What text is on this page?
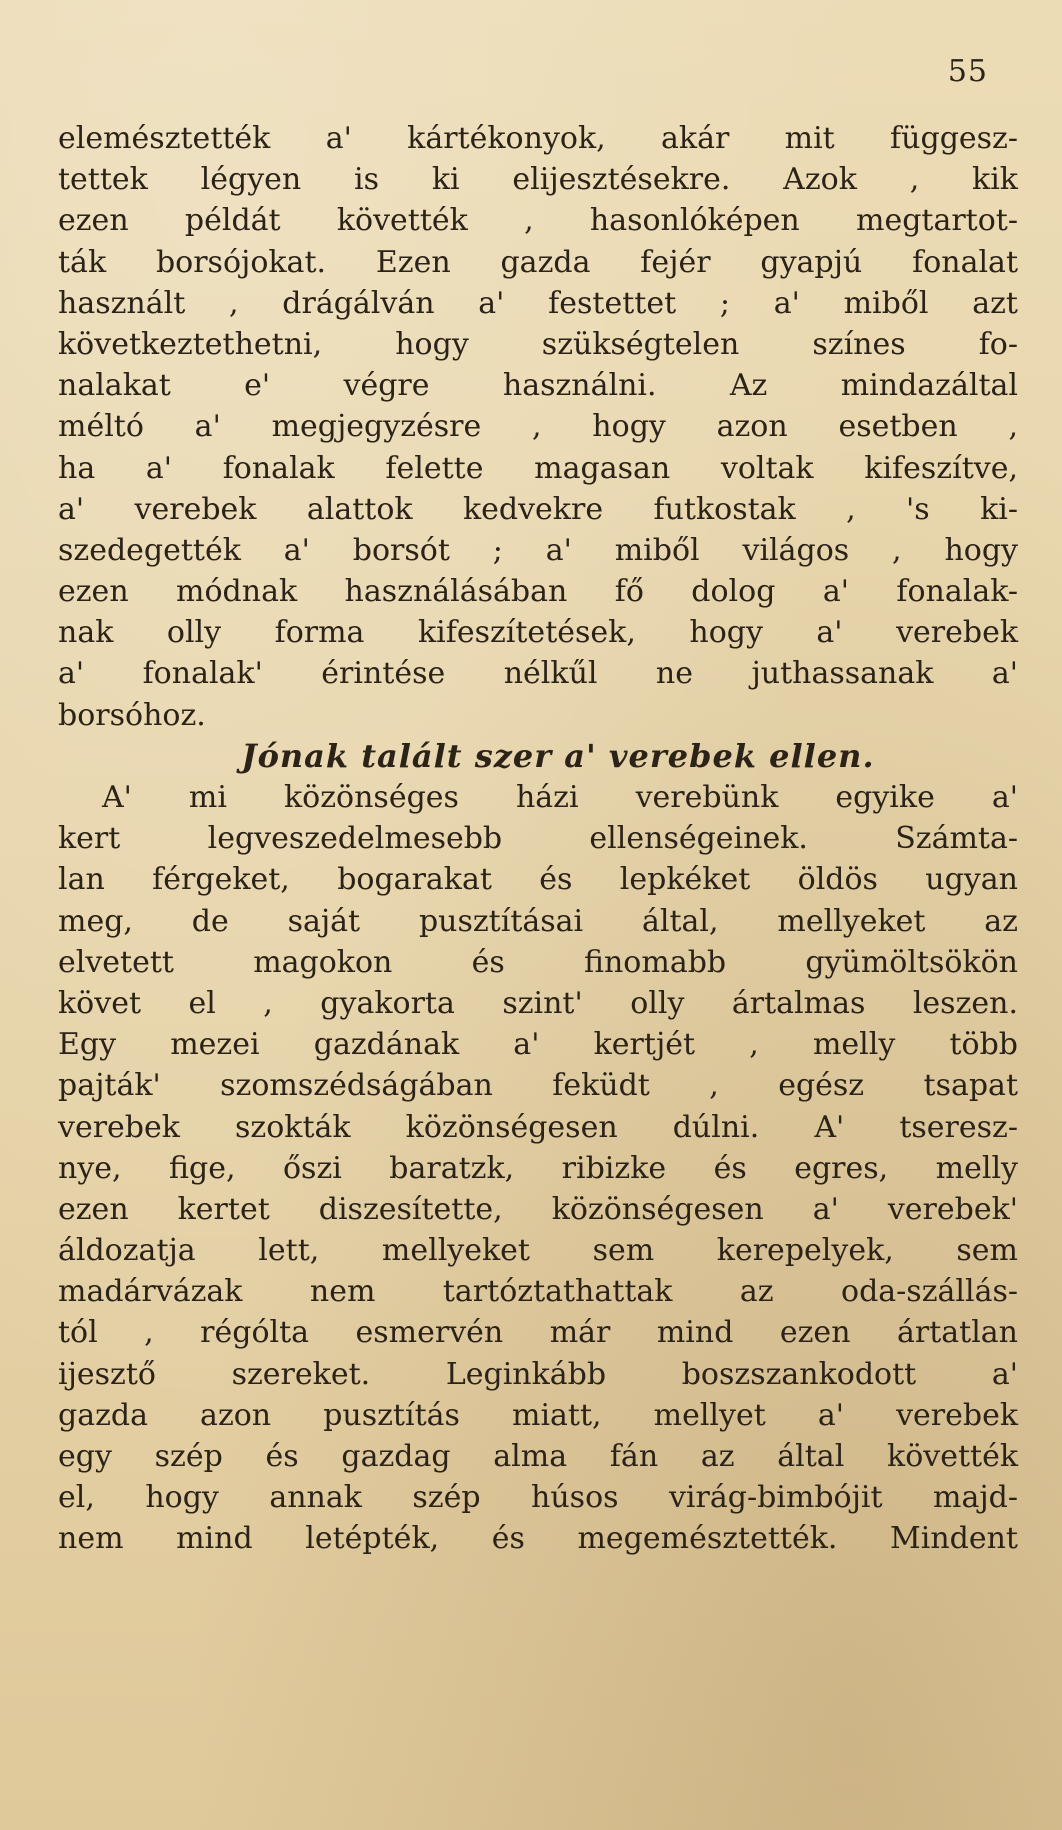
55
elemésztették a' kártékonyok, akár mit függesz-
tettek légyen is ki elijesztésekre. Azok , kik
ezen példát követték , hasonlóképen megtartot-
ták borsójokat. Ezen gazda fejér gyapjú fonalat
használt , drágálván a' festettet ; a' miből azt
következtethetni, hogy szükségtelen színes fo-
nalakat e' végre használni. Az mindazáltal
méltó a' megjegyzésre , hogy azon esetben ,
ha a' fonalak felette magasan voltak kifeszítve,
a' verebek alattok kedvekre futkostak , 's ki-
szedegették a' borsót ; a' miből világos , hogy
ezen módnak használásában fő dolog a' fonalak-
nak olly forma kifeszítetések, hogy a' verebek
a' fonalak' érintése nélkűl ne juthassanak a'
borsóhoz.
Jónak talált szer a' verebek ellen.
A' mi közönséges házi verebünk egyike a'
kert legveszedelmesebb ellenségeinek. Számta-
lan férgeket, bogarakat és lepkéket öldös ugyan
meg, de saját pusztításai által, mellyeket az
elvetett magokon és finomabb gyümöltsökön
követ el , gyakorta szint' olly ártalmas leszen.
Egy mezei gazdának a' kertjét , melly több
pajták' szomszédságában feküdt , egész tsapat
verebek szokták közönségesen dúlni. A' tseresz-
nye, fige, őszi baratzk, ribizke és egres, melly
ezen kertet diszesítette, közönségesen a' verebek'
áldozatja lett, mellyeket sem kerepelyek, sem
madárvázak nem tartóztathattak az oda-szállás-
tól , régólta esmervén már mind ezen ártatlan
ijesztő szereket. Leginkább boszszankodott a'
gazda azon pusztítás miatt, mellyet a' verebek
egy szép és gazdag alma fán az által követték
el, hogy annak szép húsos virág-bimbójit majd-
nem mind letépték, és megemésztették. Mindent
